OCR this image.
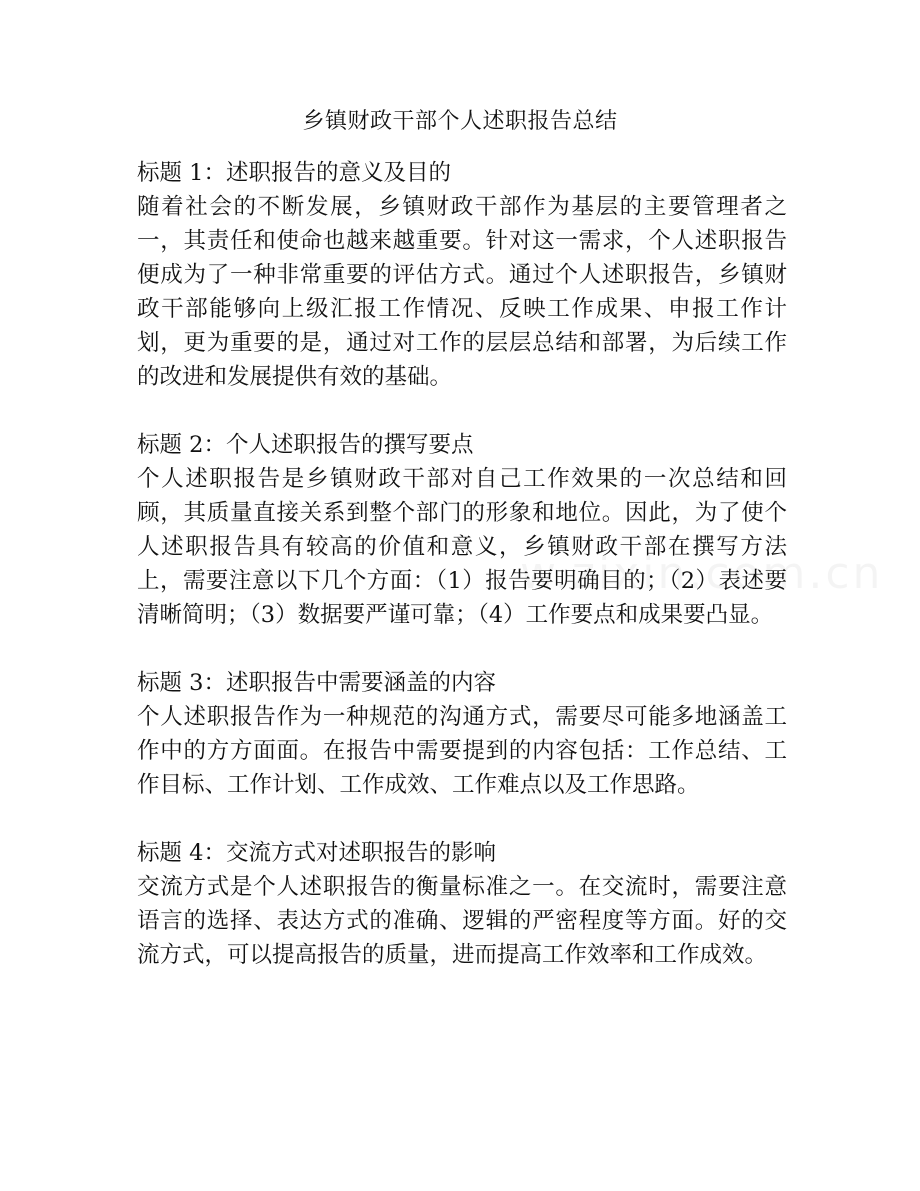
乡镇财政干部个人述职报告总结

标题 1：述职报告的意义及目的

随着社会的不断发展，乡镇财政干部作为基层的主要管理者之一，其责任和使命也越来越重要。针对这一需求，个人述职报告便成为了一种非常重要的评估方式。通过个人述职报告，乡镇财政干部能够向上级汇报工作情况、反映工作成果、申报工作计划，更为重要的是，通过对工作的层层总结和部署，为后续工作的改进和发展提供有效的基础。

标题 2：个人述职报告的撰写要点

个人述职报告是乡镇财政干部对自己工作效果的一次总结和回顾，其质量直接关系到整个部门的形象和地位。因此，为了使个人述职报告具有较高的价值和意义，乡镇财政干部在撰写方法上，需要注意以下几个方面：（1）报告要明确目的；（2）表述要清晰简明；（3）数据要严谨可靠；（4）工作要点和成果要凸显。

标题 3：述职报告中需要涵盖的内容

个人述职报告作为一种规范的沟通方式，需要尽可能多地涵盖工作中的方方面面。在报告中需要提到的内容包括：工作总结、工作目标、工作计划、工作成效、工作难点以及工作思路。

标题 4：交流方式对述职报告的影响

交流方式是个人述职报告的衡量标准之一。在交流时，需要注意语言的选择、表达方式的准确、逻辑的严密程度等方面。好的交流方式，可以提高报告的质量，进而提高工作效率和工作成效。
